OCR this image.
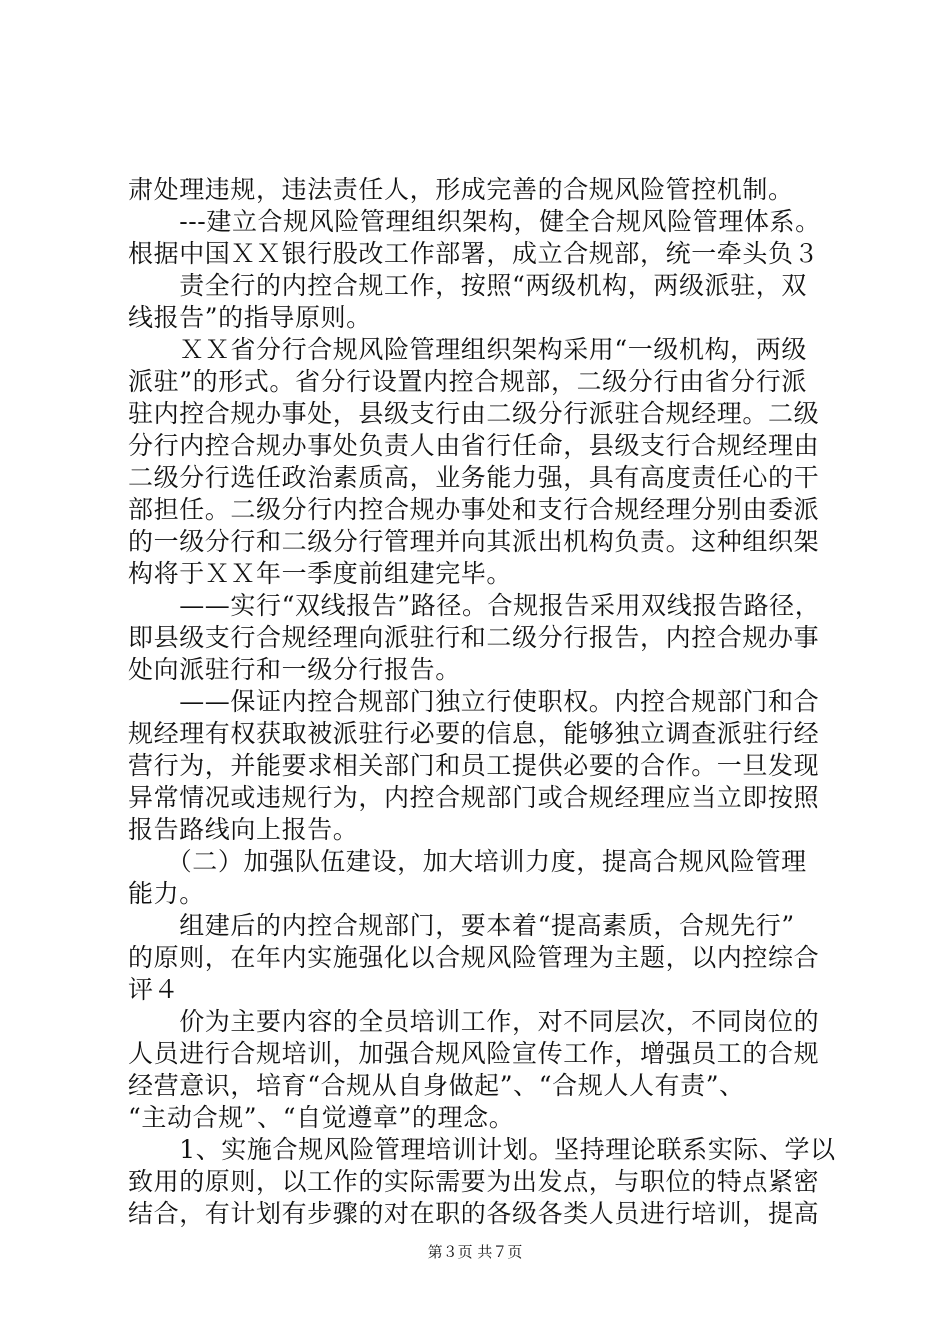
肃处理违规，违法责任人，形成完善的合规风险管控机制。
　　---建立合规风险管理组织架构，健全合规风险管理体系。
根据中国ＸＸ银行股改工作部署，成立合规部，统一牵头负３
　　责全行的内控合规工作，按照“两级机构，两级派驻，双
线报告”的指导原则。
　　ＸＸ省分行合规风险管理组织架构采用“一级机构，两级
派驻”的形式。省分行设置内控合规部，二级分行由省分行派
驻内控合规办事处，县级支行由二级分行派驻合规经理。二级
分行内控合规办事处负责人由省行任命，县级支行合规经理由
二级分行选任政治素质高，业务能力强，具有高度责任心的干
部担任。二级分行内控合规办事处和支行合规经理分别由委派
的一级分行和二级分行管理并向其派出机构负责。这种组织架
构将于ＸＸ年一季度前组建完毕。
　　——实行“双线报告”路径。合规报告采用双线报告路径，
即县级支行合规经理向派驻行和二级分行报告，内控合规办事
处向派驻行和一级分行报告。
　　——保证内控合规部门独立行使职权。内控合规部门和合
规经理有权获取被派驻行必要的信息，能够独立调查派驻行经
营行为，并能要求相关部门和员工提供必要的合作。一旦发现
异常情况或违规行为，内控合规部门或合规经理应当立即按照
报告路线向上报告。
　　（二）加强队伍建设，加大培训力度，提高合规风险管理
能力。
　　组建后的内控合规部门，要本着“提高素质，合规先行”
的原则，在年内实施强化以合规风险管理为主题，以内控综合
评４
　　价为主要内容的全员培训工作，对不同层次，不同岗位的
人员进行合规培训，加强合规风险宣传工作，增强员工的合规
经营意识，培育“合规从自身做起”、“合规人人有责”、
“主动合规”、“自觉遵章”的理念。
　　1、实施合规风险管理培训计划。坚持理论联系实际、学以
致用的原则，以工作的实际需要为出发点，与职位的特点紧密
结合，有计划有步骤的对在职的各级各类人员进行培训，提高
第３页 共７页
